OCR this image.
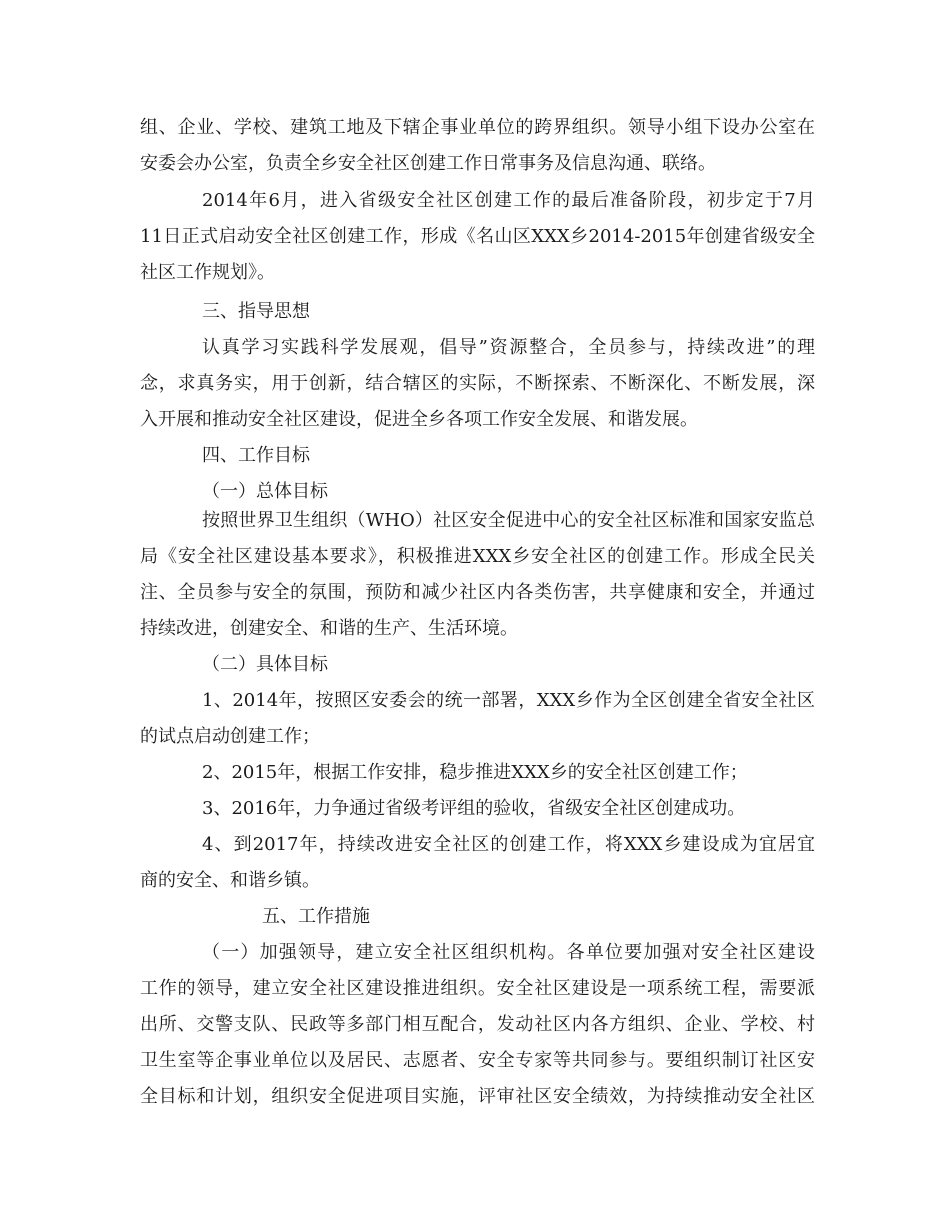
组、企业、学校、建筑工地及下辖企事业单位的跨界组织。领导小组下设办公室在
安委会办公室，负责全乡安全社区创建工作日常事务及信息沟通、联络。
2014年6月，进入省级安全社区创建工作的最后准备阶段，初步定于7月
11日正式启动安全社区创建工作，形成《名山区XXX乡2014-2015年创建省级安全
社区工作规划》。
三、指导思想
认真学习实践科学发展观，倡导”资源整合，全员参与，持续改进”的理
念，求真务实，用于创新，结合辖区的实际，不断探索、不断深化、不断发展，深
入开展和推动安全社区建设，促进全乡各项工作安全发展、和谐发展。
四、工作目标
（一）总体目标
按照世界卫生组织（WHO）社区安全促进中心的安全社区标准和国家安监总
局《安全社区建设基本要求》，积极推进XXX乡安全社区的创建工作。形成全民关
注、全员参与安全的氛围，预防和减少社区内各类伤害，共享健康和安全，并通过
持续改进，创建安全、和谐的生产、生活环境。
（二）具体目标
1、2014年，按照区安委会的统一部署，XXX乡作为全区创建全省安全社区
的试点启动创建工作；
2、2015年，根据工作安排，稳步推进XXX乡的安全社区创建工作；
3、2016年，力争通过省级考评组的验收，省级安全社区创建成功。
4、到2017年，持续改进安全社区的创建工作，将XXX乡建设成为宜居宜
商的安全、和谐乡镇。
五、工作措施
（一）加强领导，建立安全社区组织机构。各单位要加强对安全社区建设
工作的领导，建立安全社区建设推进组织。安全社区建设是一项系统工程，需要派
出所、交警支队、民政等多部门相互配合，发动社区内各方组织、企业、学校、村
卫生室等企事业单位以及居民、志愿者、安全专家等共同参与。要组织制订社区安
全目标和计划，组织安全促进项目实施，评审社区安全绩效，为持续推动安全社区
